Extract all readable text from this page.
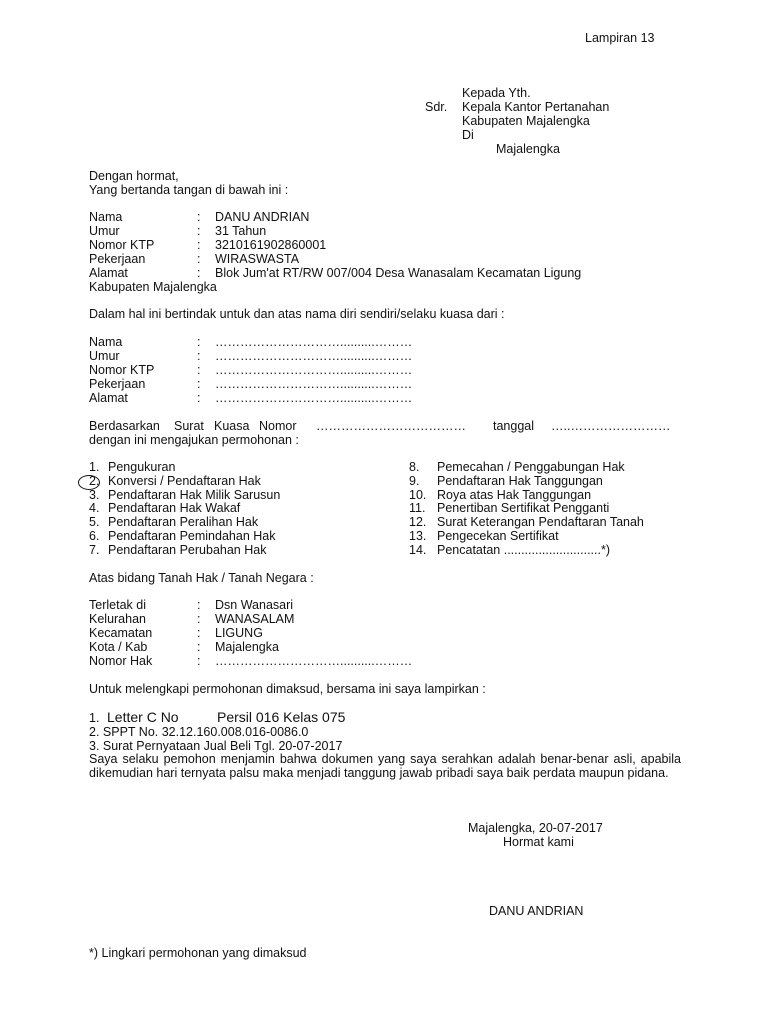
Lampiran 13
Kepada Yth.
Sdr. Kepala Kantor Pertanahan
Kabupaten Majalengka
Di
Majalengka
Dengan hormat,
Yang bertanda tangan di bawah ini :
Nama	: DANU ANDRIAN
Umur	: 31 Tahun
Nomor KTP	: 3210161902860001
Pekerjaan	: WIRASWASTA
Alamat	: Blok Jum'at RT/RW 007/004 Desa Wanasalam Kecamatan Ligung
Kabupaten Majalengka
Dalam hal ini bertindak untuk dan atas nama diri sendiri/selaku kuasa dari :
Nama	: …………………………..........………
Umur	: …………………………..........………
Nomor KTP	: …………………………..........………
Pekerjaan	: …………………………..........………
Alamat	: …………………………..........………
Berdasarkan Surat Kuasa Nomor ……………………………… tanggal …..……………………
dengan ini mengajukan permohonan :
1. Pengukuran
2. Konversi / Pendaftaran Hak
3. Pendaftaran Hak Milik Sarusun
4. Pendaftaran Hak Wakaf
5. Pendaftaran Peralihan Hak
6. Pendaftaran Pemindahan Hak
7. Pendaftaran Perubahan Hak
8. Pemecahan / Penggabungan Hak
9. Pendaftaran Hak Tanggungan
10. Roya atas Hak Tanggungan
11. Penertiban Sertifikat Pengganti
12. Surat Keterangan Pendaftaran Tanah
13. Pengecekan Sertifikat
14. Pencatatan ............................*)
Atas bidang Tanah Hak / Tanah Negara :
Terletak di	: Dsn Wanasari
Kelurahan	: WANASALAM
Kecamatan	: LIGUNG
Kota / Kab	: Majalengka
Nomor Hak	: …………………………..........………
Untuk melengkapi permohonan dimaksud, bersama ini saya lampirkan :
1. Letter C No	Persil 016 Kelas 075
2. SPPT No. 32.12.160.008.016-0086.0
3. Surat Pernyataan Jual Beli Tgl. 20-07-2017
Saya selaku pemohon menjamin bahwa dokumen yang saya serahkan adalah benar-benar asli, apabila dikemudian hari ternyata palsu maka menjadi tanggung jawab pribadi saya baik perdata maupun pidana.
Majalengka, 20-07-2017
Hormat kami
DANU ANDRIAN
*) Lingkari permohonan yang dimaksud
